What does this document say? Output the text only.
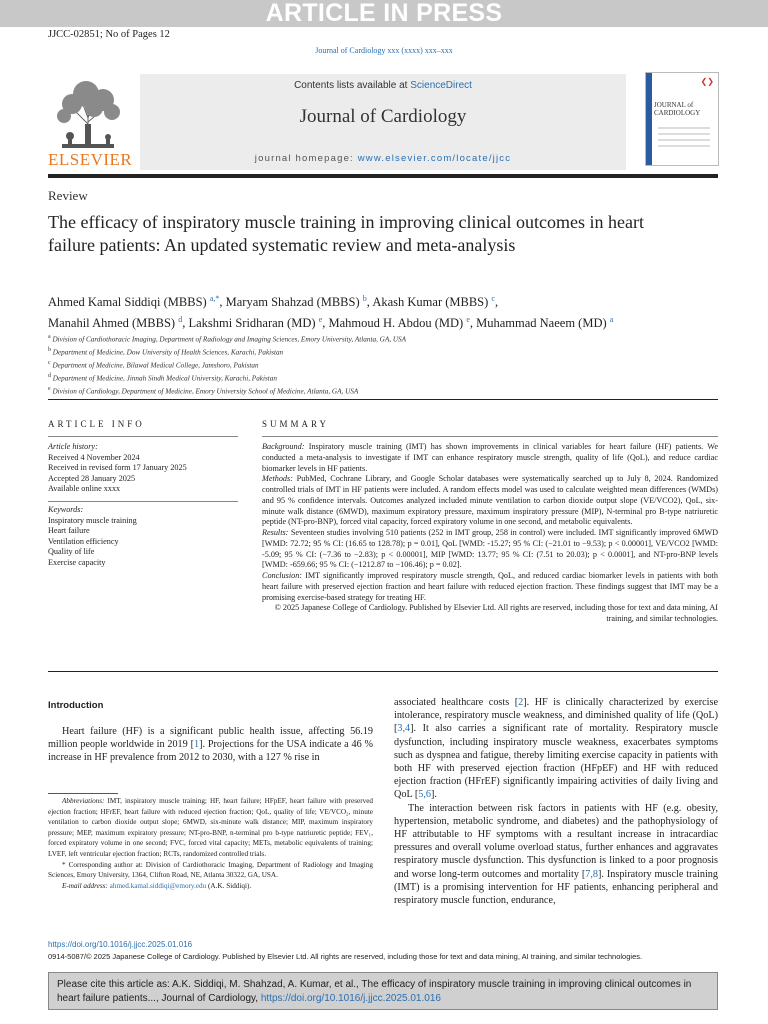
ARTICLE IN PRESS
JJCC-02851; No of Pages 12
Journal of Cardiology xxx (xxxx) xxx–xxx
ELSEVIER
Contents lists available at ScienceDirect
Journal of Cardiology
journal homepage: www.elsevier.com/locate/jjcc
❮❯
JOURNAL of
CARDIOLOGY
Review
The efficacy of inspiratory muscle training in improving clinical outcomes in heart failure patients: An updated systematic review and meta-analysis
Ahmed Kamal Siddiqi (MBBS) $^{a,*}$, Maryam Shahzad (MBBS) $^b$, Akash Kumar (MBBS) $^c$,
Manahil Ahmed (MBBS) $^d$, Lakshmi Sridharan (MD) $^e$, Mahmoud H. Abdou (MD) $^e$, Muhammad Naeem (MD) $^a$
$^a$ Division of Cardiothoracic Imaging, Department of Radiology and Imaging Sciences, Emory University, Atlanta, GA, USA
$^b$ Department of Medicine, Dow University of Health Sciences, Karachi, Pakistan
$^c$ Department of Medicine, Bilawal Medical College, Jamshoro, Pakistan
$^d$ Department of Medicine, Jinnah Sindh Medical University, Karachi, Pakistan
$^e$ Division of Cardiology, Department of Medicine, Emory University School of Medicine, Atlanta, GA, USA
ARTICLE INFO	SUMMARY
Article history:
Received 4 November 2024
Received in revised form 17 January 2025
Accepted 28 January 2025
Available online xxxx
Keywords:
Inspiratory muscle training
Heart failure
Ventilation efficiency
Quality of life
Exercise capacity
Background: Inspiratory muscle training (IMT) has shown improvements in clinical variables for heart failure (HF) patients. We conducted a meta-analysis to investigate if IMT can enhance respiratory muscle strength, quality of life (QoL), and reduce cardiac biomarker levels in HF patients.
Methods: PubMed, Cochrane Library, and Google Scholar databases were systematically searched up to July 8, 2024. Randomized controlled trials of IMT in HF patients were included. A random effects model was used to calculate weighted mean differences (WMDs) and 95 % confidence intervals. Outcomes analyzed included minute ventilation to carbon dioxide output slope (VE/VCO2), QoL, six-minute walk distance (6MWD), maximum expiratory pressure, maximum inspiratory pressure (MIP), N-terminal pro B-type natriuretic peptide (NT-pro-BNP), forced vital capacity, forced expiratory volume in one second, and metabolic equivalents.
Results: Seventeen studies involving 510 patients (252 in IMT group, 258 in control) were included. IMT significantly improved 6MWD [WMD: 72.72; 95 % CI: (16.65 to 128.78); p = 0.01], QoL [WMD: -15.27; 95 % CI: (−21.01 to −9.53); p < 0.00001], VE/VCO2 [WMD: -5.09; 95 % CI: (−7.36 to −2.83); p < 0.00001], MIP [WMD: 13.77; 95 % CI: (7.51 to 20.03); p < 0.0001], and NT-pro-BNP levels [WMD: -659.66; 95 % CI: (−1212.87 to −106.46); p = 0.02].
Conclusion: IMT significantly improved respiratory muscle strength, QoL, and reduced cardiac biomarker levels in patients with both heart failure with preserved ejection fraction and heart failure with reduced ejection fraction. These findings suggest that IMT may be a promising exercise-based strategy for treating HF.
© 2025 Japanese College of Cardiology. Published by Elsevier Ltd. All rights are reserved, including those for text and data mining, AI training, and similar technologies.
Introduction

Heart failure (HF) is a significant public health issue, affecting 56.19 million people worldwide in 2019 [1]. Projections for the USA indicate a 46 % increase in HF prevalence from 2012 to 2030, with a 127 % rise in

associated healthcare costs [2]. HF is clinically characterized by exercise intolerance, respiratory muscle weakness, and diminished quality of life (QoL) [3,4]. It also carries a significant rate of mortality. Respiratory muscle dysfunction, including inspiratory muscle weakness, exacerbates symptoms such as dyspnea and fatigue, thereby limiting exercise capacity in patients with both HF with preserved ejection fraction (HFpEF) and HF with reduced ejection fraction (HFrEF) significantly impairing activities of daily living and QoL [5,6].

The interaction between risk factors in patients with HF (e.g. obesity, hypertension, metabolic syndrome, and diabetes) and the pathophysiology of HF attributable to HF symptoms with a resultant increase in intracardiac pressures and overall volume overload status, further enhances and aggravates respiratory muscle dysfunction. This dysfunction is linked to a poor prognosis and worse long-term outcomes and mortality [7,8]. Inspiratory muscle training (IMT) is a promising intervention for HF patients, enhancing peripheral and respiratory muscle function, endurance,

Abbreviations: IMT, inspiratory muscle training; HF, heart failure; HFpEF, heart failure with preserved ejection fraction; HFrEF, heart failure with reduced ejection fraction; QoL, quality of life; VE/VCO₂, minute ventilation to carbon dioxide output slope; 6MWD, six-minute walk distance; MIP, maximum inspiratory pressure; MEP, maximum expiratory pressure; NT-pro-BNP, n-terminal pro b-type natriuretic peptide; FEV₁, forced expiratory volume in one second; FVC, forced vital capacity; METs, metabolic equivalents of training; LVEF, left ventricular ejection fraction; RCTs, randomized controlled trials.

* Corresponding author at: Division of Cardiothoracic Imaging, Department of Radiology and Imaging Sciences, Emory University, 1364, Clifton Road, NE, Atlanta 30322, GA, USA.

E-mail address: ahmed.kamal.siddiqi@emory.edu (A.K. Siddiqi).

https://doi.org/10.1016/j.jjcc.2025.01.016
0914-5087/© 2025 Japanese College of Cardiology. Published by Elsevier Ltd. All rights are reserved, including those for text and data mining, AI training, and similar technologies.
Please cite this article as: A.K. Siddiqi, M. Shahzad, A. Kumar, et al., The efficacy of inspiratory muscle training in improving clinical outcomes in heart failure patients..., Journal of Cardiology, https://doi.org/10.1016/j.jjcc.2025.01.016
